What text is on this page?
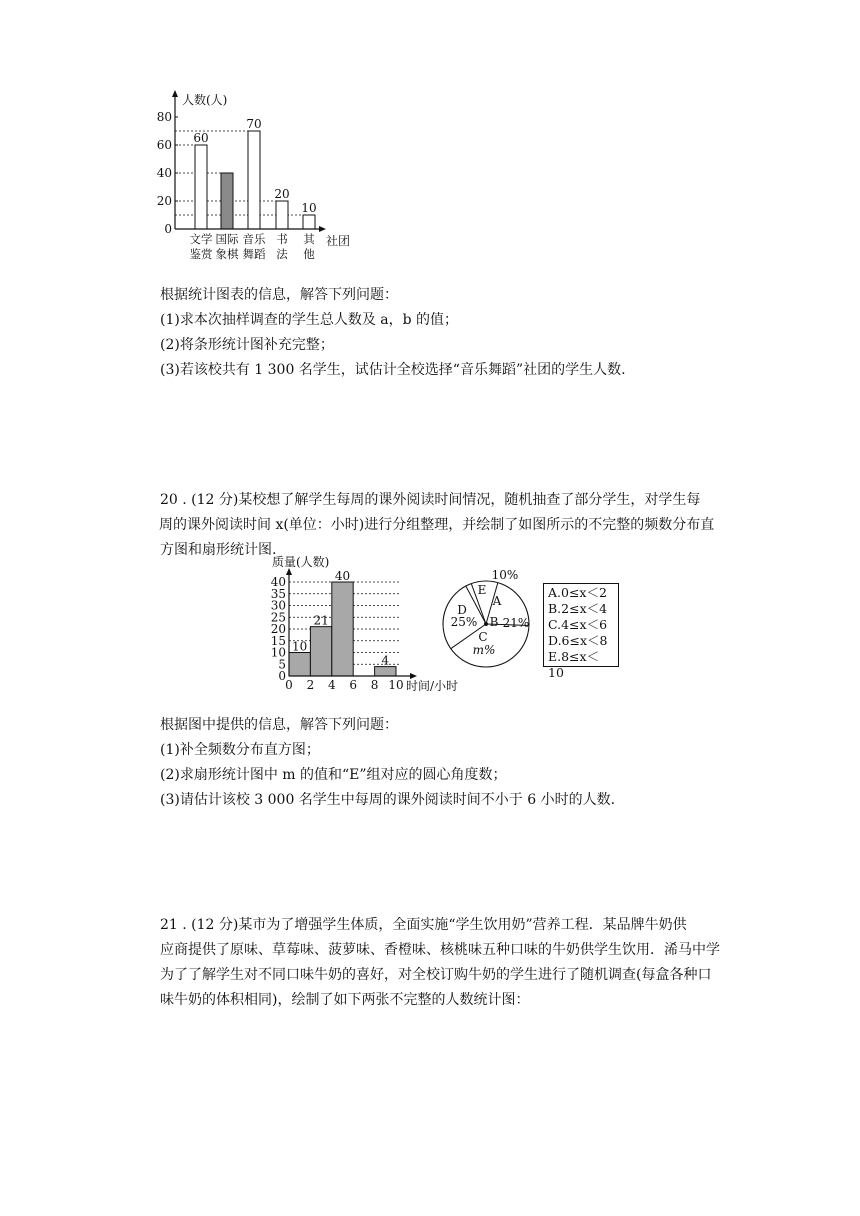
60
70
20
10
人数(人)
社团
0
20
40
60
80
文学
鉴赏
国际
象棋
音乐
舞蹈
书
法
其
他
根据统计图表的信息，解答下列问题：
(1)求本次抽样调查的学生总人数及 a，b 的值；
(2)将条形统计图补充完整；
(3)若该校共有 1 300 名学生，试估计全校选择“音乐舞蹈”社团的学生人数.
20 . (12 分)某校想了解学生每周的课外阅读时间情况，随机抽查了部分学生，对学生每
周的课外阅读时间 x(单位：小时)进行分组整理，并绘制了如图所示的不完整的频数分布直
方图和扇形统计图.
10
21
40
4
质量(人数)
时间/小时
0
5
10
15
20
25
30
35
40
0 2 4 6 8 10
A
10%
B 21%
C
m%
D
25%
E	A.0≤x＜2
B.2≤x＜4
C.4≤x＜6
D.6≤x＜8
E.8≤x＜10
根据图中提供的信息，解答下列问题：
(1)补全频数分布直方图；
(2)求扇形统计图中 m 的值和“E”组对应的圆心角度数；
(3)请估计该校 3 000 名学生中每周的课外阅读时间不小于 6 小时的人数.
21 . (12 分)某市为了增强学生体质，全面实施“学生饮用奶”营养工程．某品牌牛奶供
应商提供了原味、草莓味、菠萝味、香橙味、核桃味五种口味的牛奶供学生饮用．浠马中学
为了了解学生对不同口味牛奶的喜好，对全校订购牛奶的学生进行了随机调查(每盒各种口
味牛奶的体积相同)，绘制了如下两张不完整的人数统计图：
